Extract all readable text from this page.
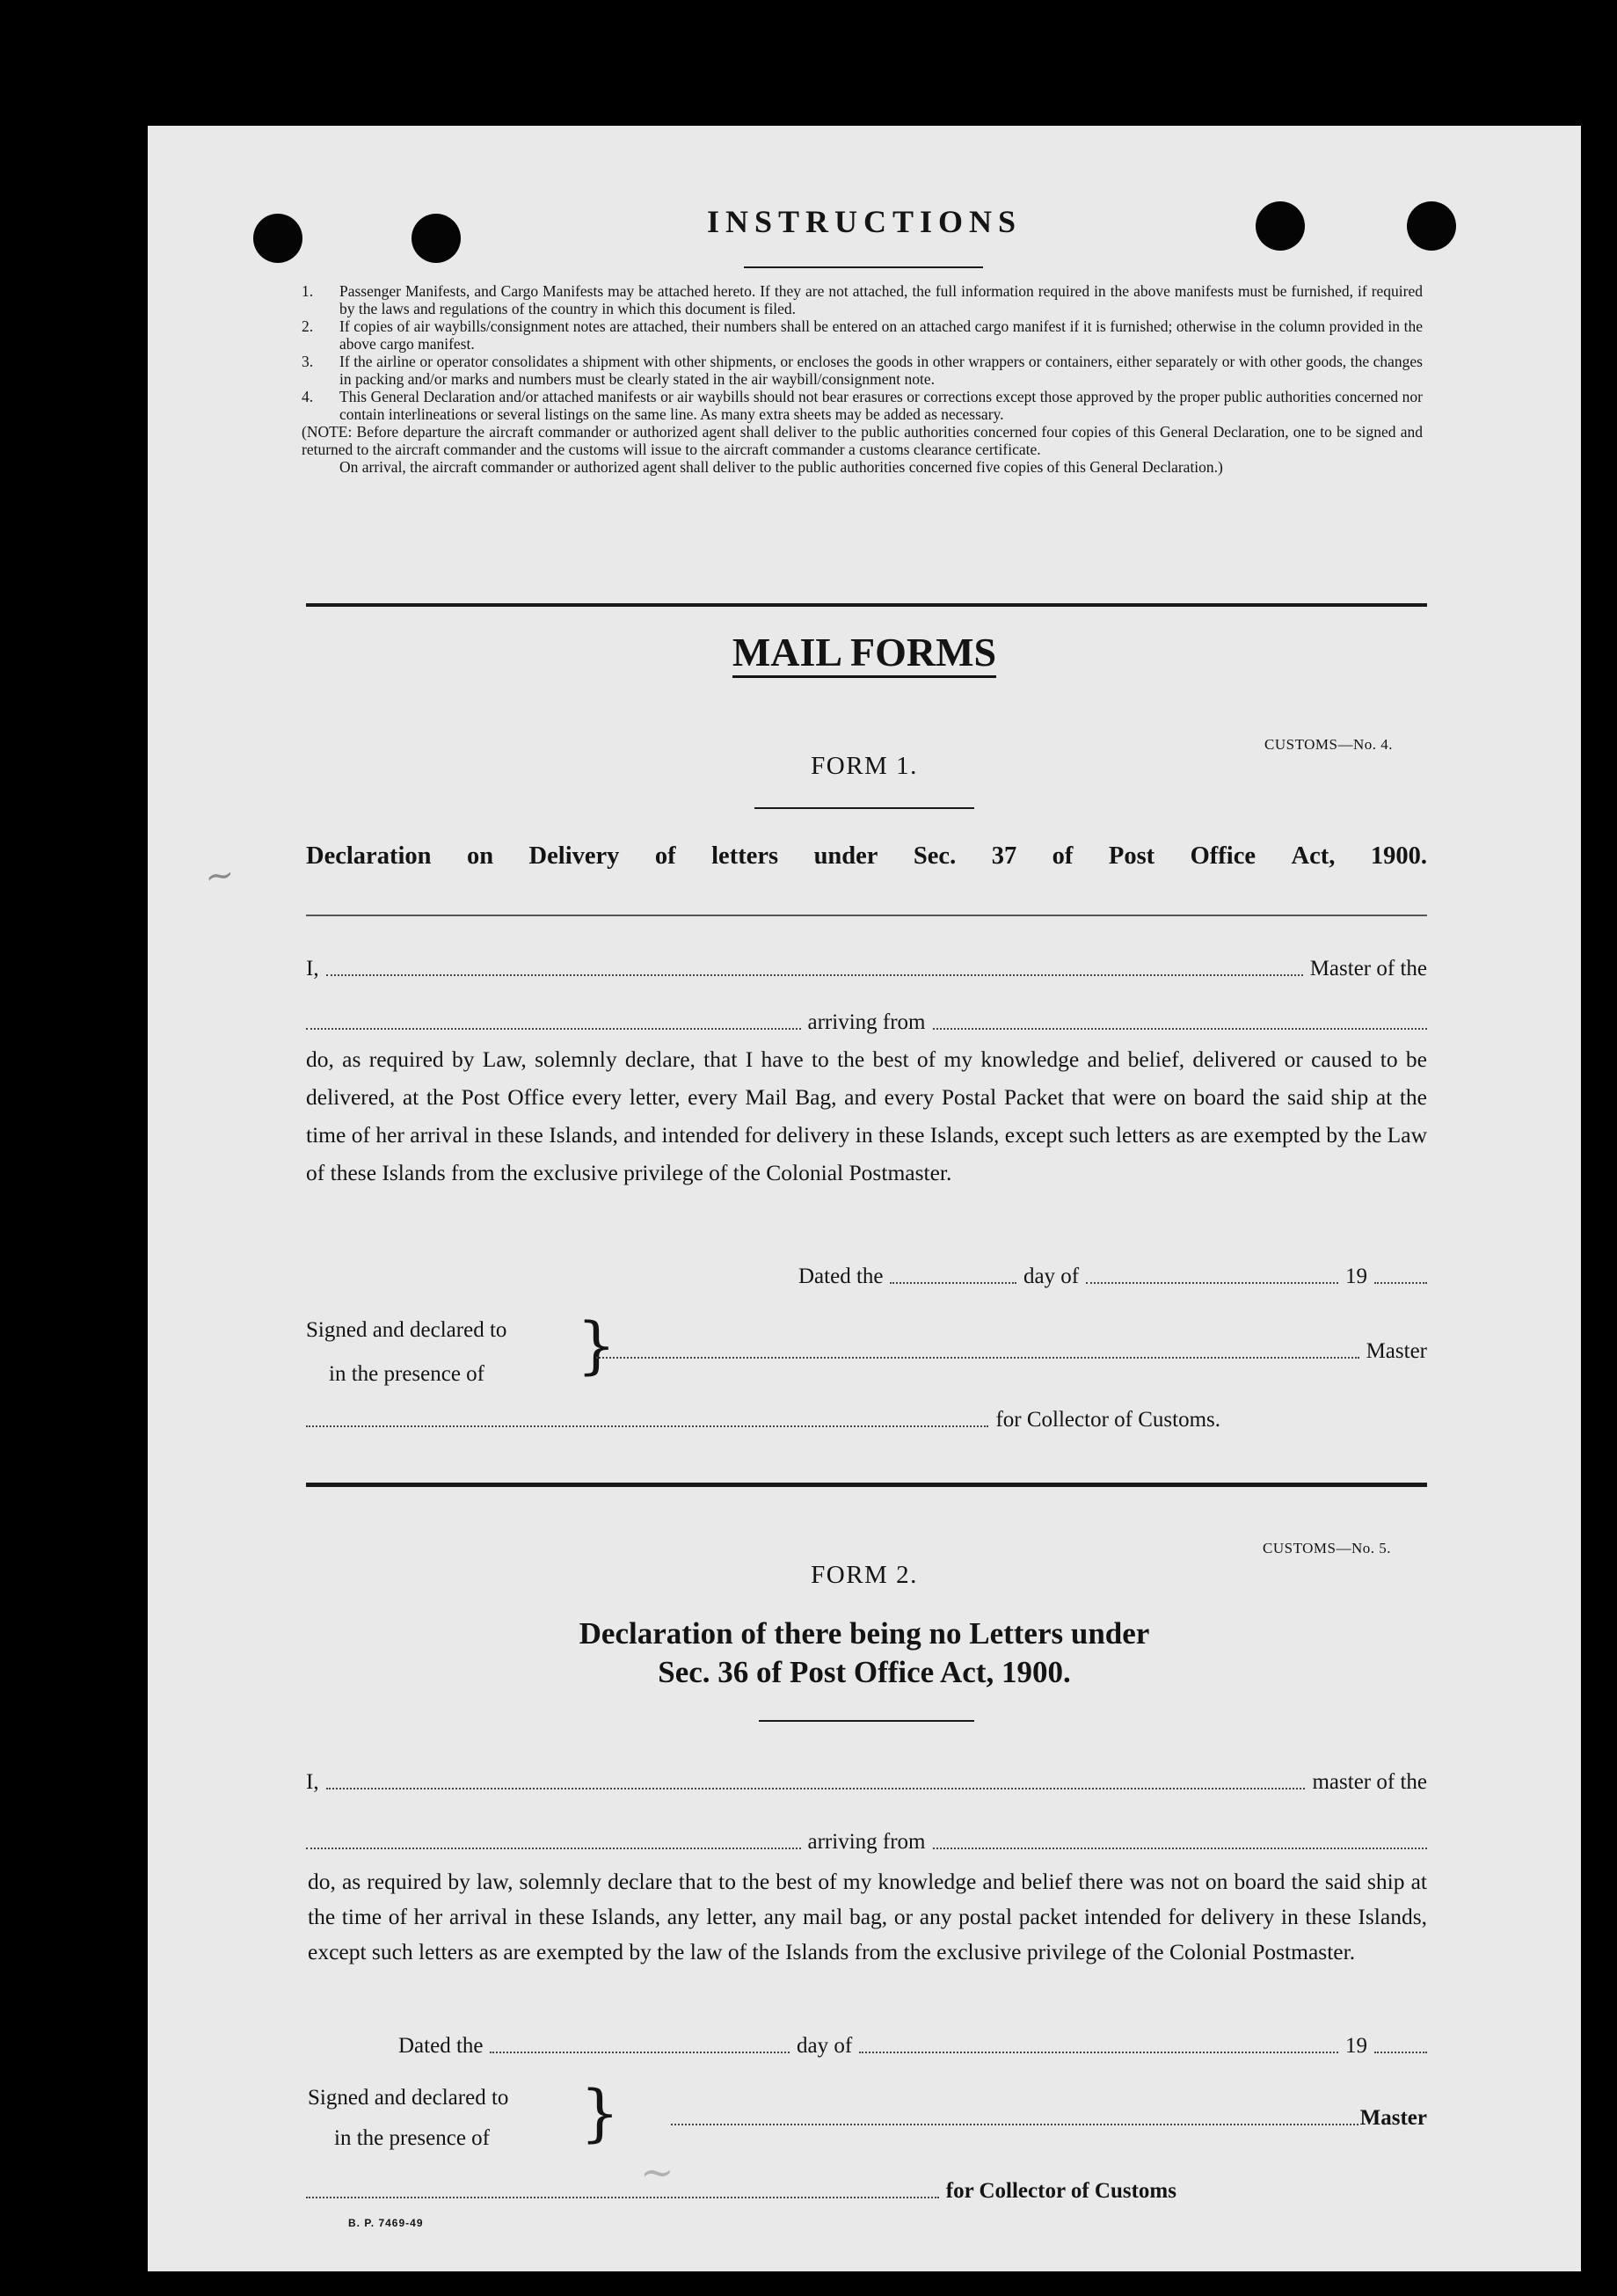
~
~
INSTRUCTIONS
1. Passenger Manifests, and Cargo Manifests may be attached hereto. If they are not attached, the full information required in the above manifests must be furnished, if required by the laws and regulations of the country in which this document is filed.
2. If copies of air waybills/consignment notes are attached, their numbers shall be entered on an attached cargo manifest if it is furnished; otherwise in the column provided in the above cargo manifest.
3. If the airline or operator consolidates a shipment with other shipments, or encloses the goods in other wrappers or containers, either separately or with other goods, the changes in packing and/or marks and numbers must be clearly stated in the air waybill/consignment note.
4. This General Declaration and/or attached manifests or air waybills should not bear erasures or corrections except those approved by the proper public authorities concerned nor contain interlineations or several listings on the same line. As many extra sheets may be added as necessary.
(NOTE: Before departure the aircraft commander or authorized agent shall deliver to the public authorities concerned four copies of this General Declaration, one to be signed and returned to the aircraft commander and the customs will issue to the aircraft commander a customs clearance certificate.
On arrival, the aircraft commander or authorized agent shall deliver to the public authorities concerned five copies of this General Declaration.)
MAIL FORMS
CUSTOMS—No. 4.
FORM 1.
Declaration on Delivery of letters under Sec. 37 of Post Office Act, 1900.
I,	Master of the
arriving from
do, as required by Law, solemnly declare, that I have to the best of my knowledge and belief, delivered or caused to be delivered, at the Post Office every letter, every Mail Bag, and every Postal Packet that were on board the said ship at the time of her arrival in these Islands, and intended for delivery in these Islands, except such letters as are exempted by the Law of these Islands from the exclusive privilege of the Colonial Postmaster.
Dated the	day of	19
Signed and declared to
in the presence of	}	Master
for Collector of Customs.
CUSTOMS—No. 5.
FORM 2.
Declaration of there being no Letters under
Sec. 36 of Post Office Act, 1900.
I,	master of the
arriving from
do, as required by law, solemnly declare that to the best of my knowledge and belief there was not on board the said ship at the time of her arrival in these Islands, any letter, any mail bag, or any postal packet intended for delivery in these Islands, except such letters as are exempted by the law of the Islands from the exclusive privilege of the Colonial Postmaster.
Dated the	day of	19
Signed and declared to
in the presence of	}	Master
for Collector of Customs
B. P. 7469-49
